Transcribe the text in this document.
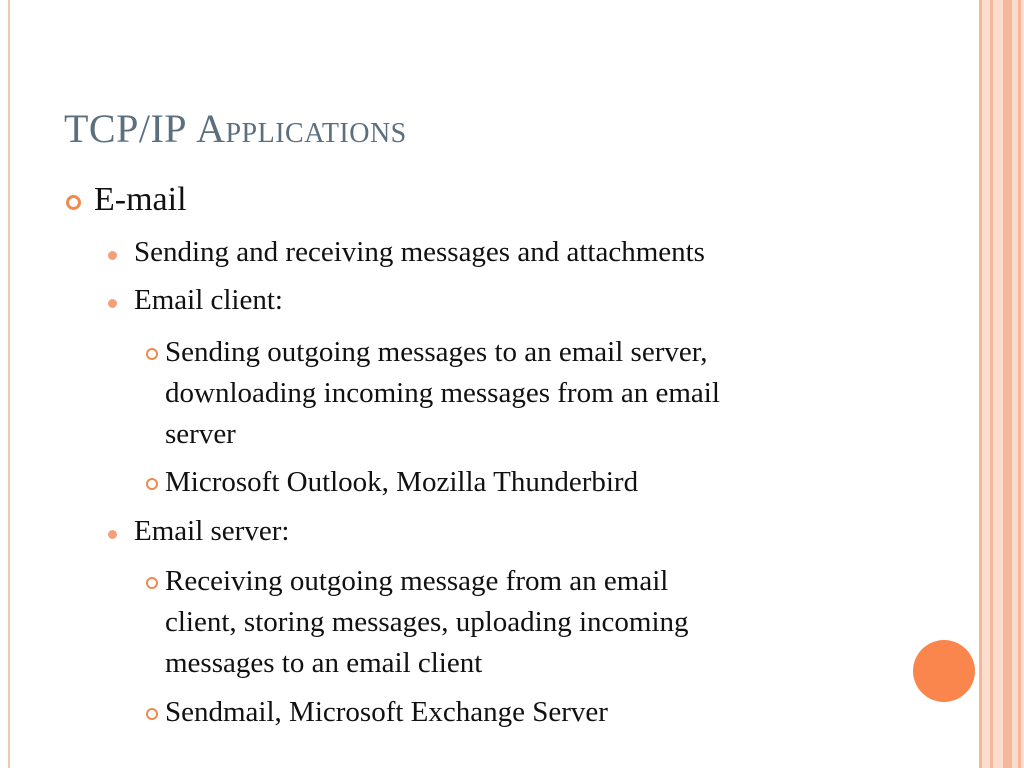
TCP/IP Applications
E-mail
Sending and receiving messages and attachments
Email client:
Sending outgoing messages to an email server,
downloading incoming messages from an email
server
Microsoft Outlook, Mozilla Thunderbird
Email server:
Receiving outgoing message from an email
client, storing messages, uploading incoming
messages to an email client
Sendmail, Microsoft Exchange Server
